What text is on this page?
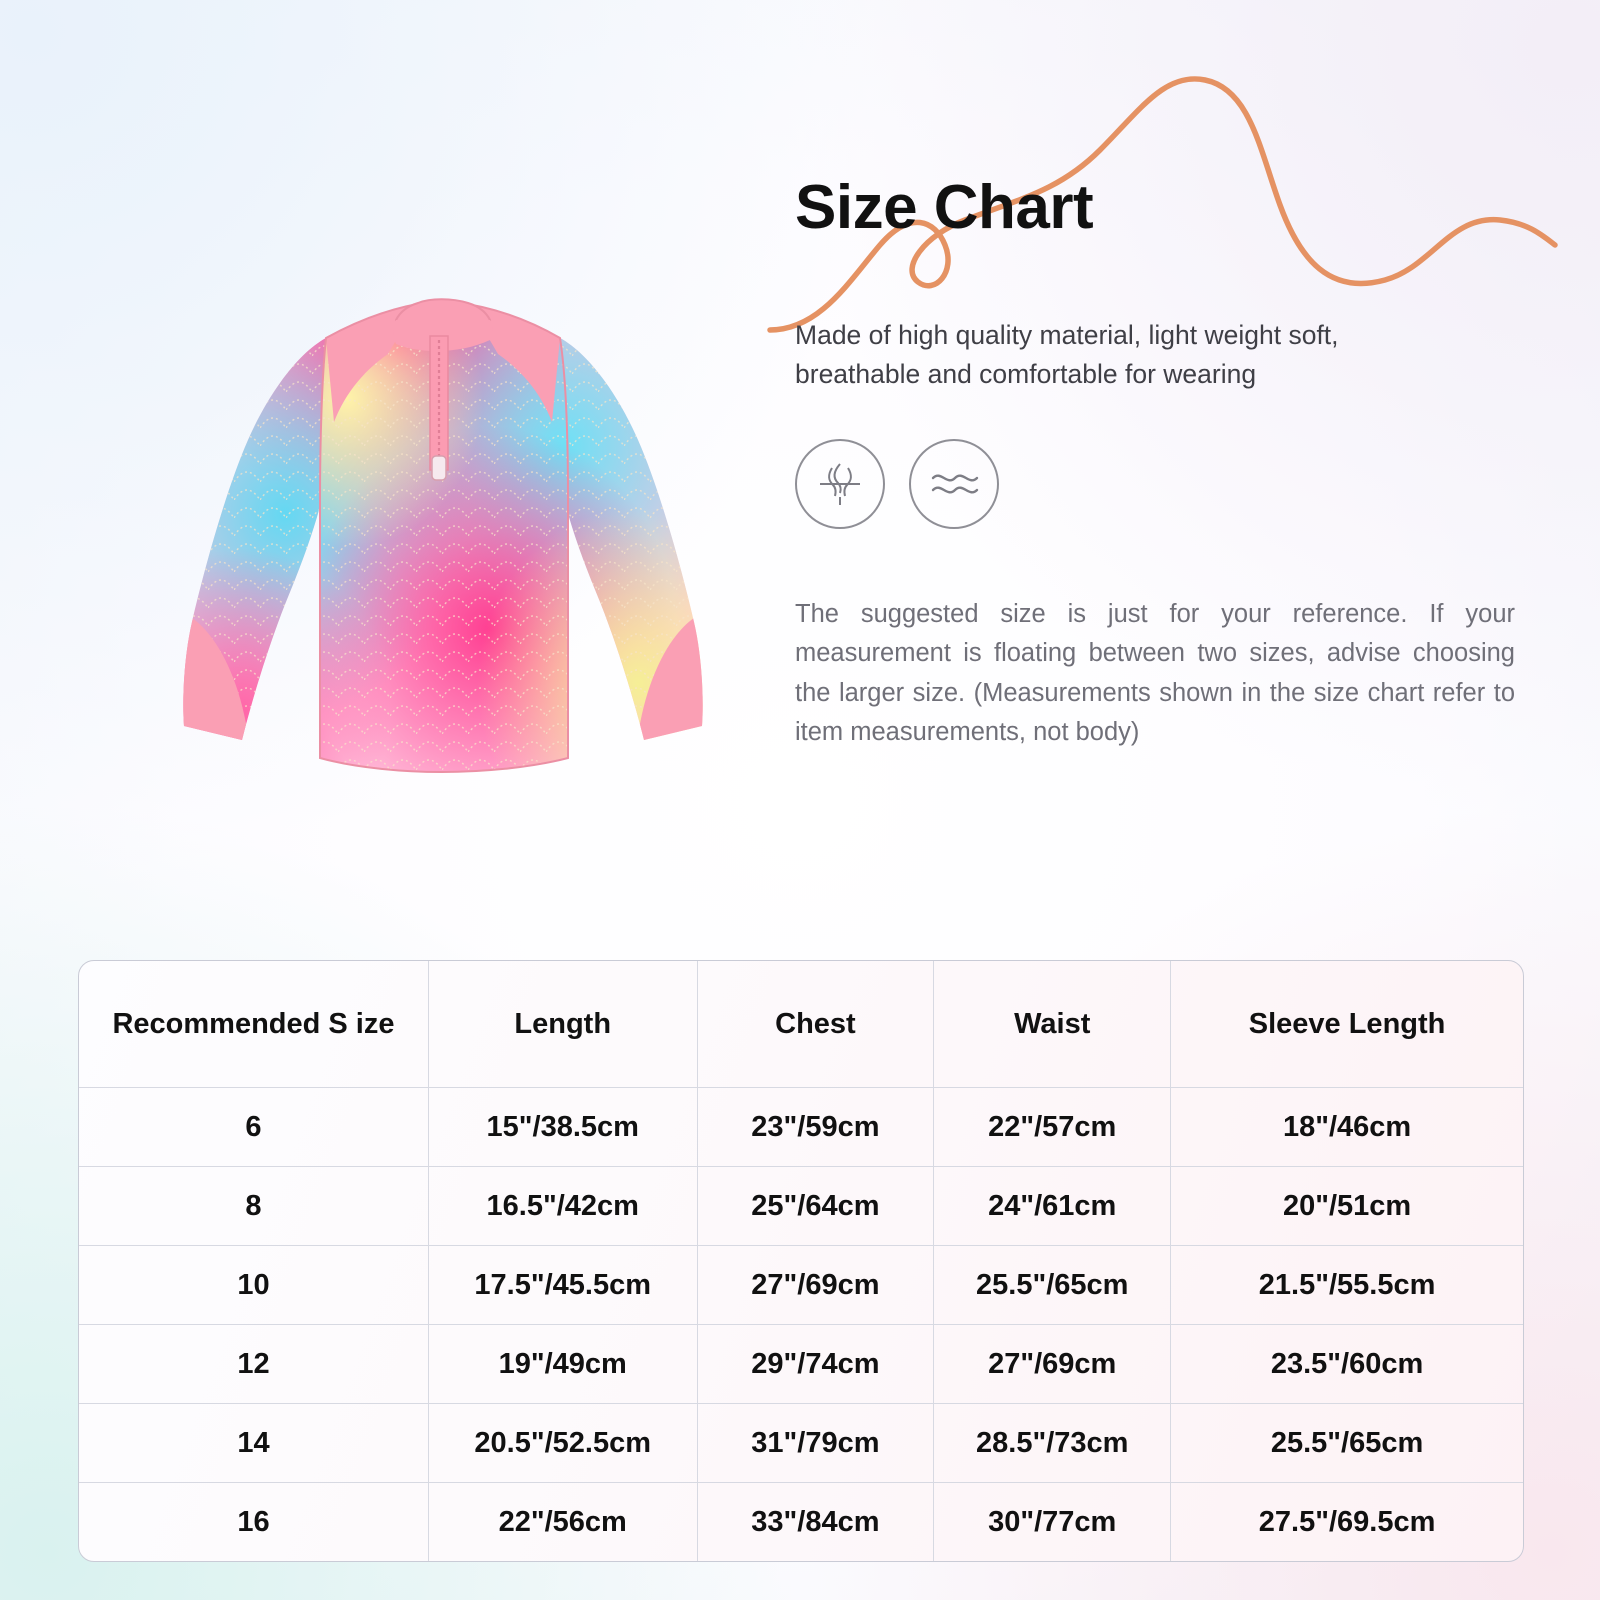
Size Chart

Made of high quality material, light weight soft, breathable and comfortable for wearing

The suggested size is just for your reference. If your measurement is floating between two sizes, advise choosing the larger size. (Measurements shown in the size chart refer to item measurements, not body)

Recommended S ize	Length	Chest	Waist	Sleeve Length
6	15"/38.5cm	23"/59cm	22"/57cm	18"/46cm
8	16.5"/42cm	25"/64cm	24"/61cm	20"/51cm
10	17.5"/45.5cm	27"/69cm	25.5"/65cm	21.5"/55.5cm
12	19"/49cm	29"/74cm	27"/69cm	23.5"/60cm
14	20.5"/52.5cm	31"/79cm	28.5"/73cm	25.5"/65cm
16	22"/56cm	33"/84cm	30"/77cm	27.5"/69.5cm
